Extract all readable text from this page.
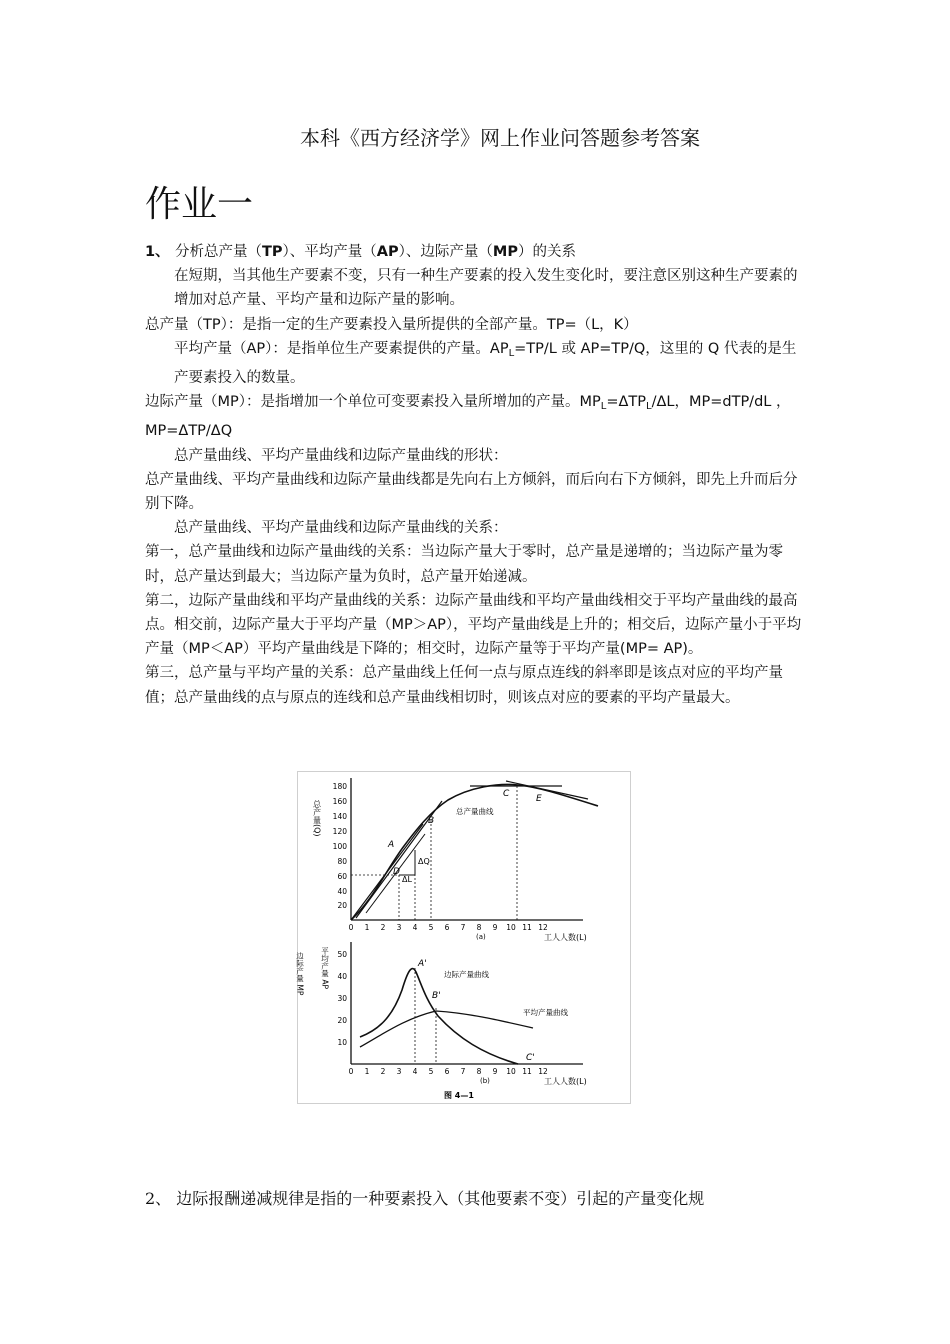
本科《西方经济学》网上作业问答题参考答案
作业一

1、 分析总产量（TP）、平均产量（AP）、边际产量（MP）的关系

在短期，当其他生产要素不变，只有一种生产要素的投入发生变化时，要注意区别这种生产要素的增加对总产量、平均产量和边际产量的影响。

总产量（TP）：是指一定的生产要素投入量所提供的全部产量。TP=（L，K）

平均产量（AP）：是指单位生产要素提供的产量。$AP_L=TP/L$ 或 AP=TP/Q，这里的 Q 代表的是生产要素投入的数量。

边际产量（MP）：是指增加一个单位可变要素投入量所增加的产量。$MP_L=\Delta TP_L/\Delta L$，MP=dTP/dL ，MP=ΔTP/ΔQ

总产量曲线、平均产量曲线和边际产量曲线的形状：

总产量曲线、平均产量曲线和边际产量曲线都是先向右上方倾斜，而后向右下方倾斜，即先上升而后分别下降。

总产量曲线、平均产量曲线和边际产量曲线的关系：

第一，总产量曲线和边际产量曲线的关系：当边际产量大于零时，总产量是递增的；当边际产量为零时，总产量达到最大；当边际产量为负时，总产量开始递减。

第二，边际产量曲线和平均产量曲线的关系：边际产量曲线和平均产量曲线相交于平均产量曲线的最高点。相交前，边际产量大于平均产量（MP＞AP），平均产量曲线是上升的；相交后，边际产量小于平均产量（MP＜AP）平均产量曲线是下降的；相交时，边际产量等于平均产量(MP= AP)。

第三，总产量与平均产量的关系：总产量曲线上任何一点与原点连线的斜率即是该点对应的平均产量值；总产量曲线的点与原点的连线和总产量曲线相切时，则该点对应的要素的平均产量最大。

总产量(Q)
20
40
60
80
100
120
140
160
180
0 1 2 3 4 5 6 7 8 9 10 11 12
(a)	工人人数(L)
A
B
C
D
E
ΔQ
ΔL
总产量曲线
边际产量 MP 平均产量 AP
10
20
30
40
50
0 1 2 3 4 5 6 7 8 9 10 11 12
(b)	工人人数(L)
A'
B'
C'
边际产量曲线
平均产量曲线
图 4—1
2、 边际报酬递减规律是指的一种要素投入（其他要素不变）引起的产量变化规
